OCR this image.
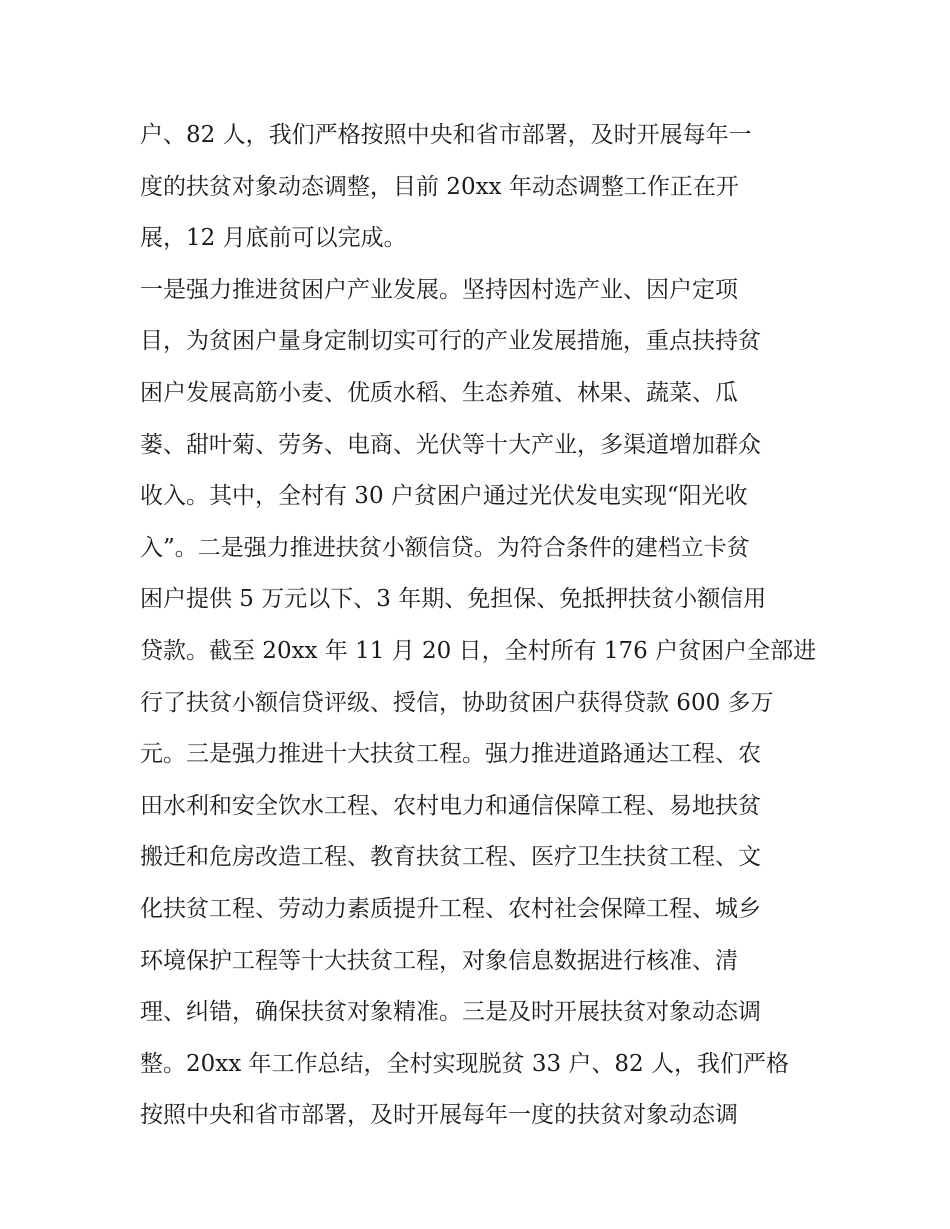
户、82 人，我们严格按照中央和省市部署，及时开展每年一
度的扶贫对象动态调整，目前 20xx 年动态调整工作正在开
展，12 月底前可以完成。
一是强力推进贫困户产业发展。坚持因村选产业、因户定项
目，为贫困户量身定制切实可行的产业发展措施，重点扶持贫
困户发展高筋小麦、优质水稻、生态养殖、林果、蔬菜、瓜
蒌、甜叶菊、劳务、电商、光伏等十大产业，多渠道增加群众
收入。其中，全村有 30 户贫困户通过光伏发电实现“阳光收
入”。二是强力推进扶贫小额信贷。为符合条件的建档立卡贫
困户提供 5 万元以下、3 年期、免担保、免抵押扶贫小额信用
贷款。截至 20xx 年 11 月 20 日，全村所有 176 户贫困户全部进
行了扶贫小额信贷评级、授信，协助贫困户获得贷款 600 多万
元。三是强力推进十大扶贫工程。强力推进道路通达工程、农
田水利和安全饮水工程、农村电力和通信保障工程、易地扶贫
搬迁和危房改造工程、教育扶贫工程、医疗卫生扶贫工程、文
化扶贫工程、劳动力素质提升工程、农村社会保障工程、城乡
环境保护工程等十大扶贫工程，对象信息数据进行核准、清
理、纠错，确保扶贫对象精准。三是及时开展扶贫对象动态调
整。20xx 年工作总结，全村实现脱贫 33 户、82 人，我们严格
按照中央和省市部署，及时开展每年一度的扶贫对象动态调
